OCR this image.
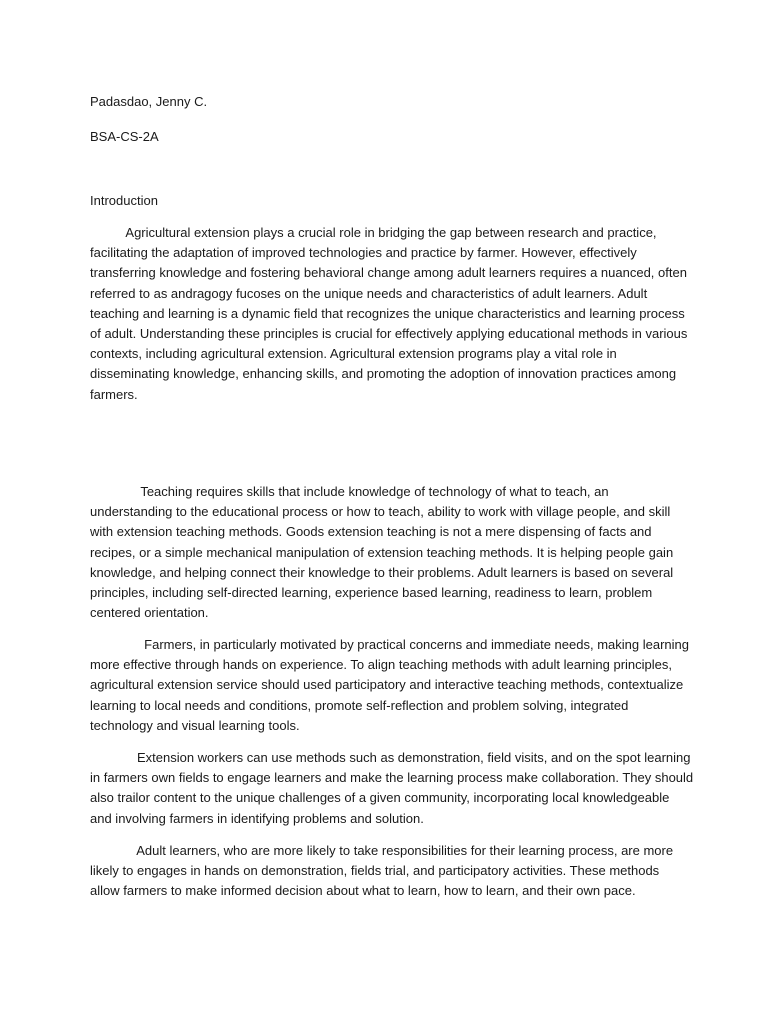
Padasdao, Jenny C.
BSA-CS-2A
Introduction
Agricultural extension plays a crucial role in bridging the gap between research and practice,
facilitating the adaptation of improved technologies and practice by farmer. However, effectively
transferring knowledge and fostering behavioral change among adult learners requires a nuanced, often
referred to as andragogy fucoses on the unique needs and characteristics of adult learners. Adult
teaching and learning is a dynamic field that recognizes the unique characteristics and learning process
of adult. Understanding these principles is crucial for effectively applying educational methods in various
contexts, including agricultural extension. Agricultural extension programs play a vital role in
disseminating knowledge, enhancing skills, and promoting the adoption of innovation practices among
farmers.
Teaching requires skills that include knowledge of technology of what to teach, an
understanding to the educational process or how to teach, ability to work with village people, and skill
with extension teaching methods. Goods extension teaching is not a mere dispensing of facts and
recipes, or a simple mechanical manipulation of extension teaching methods. It is helping people gain
knowledge, and helping connect their knowledge to their problems. Adult learners is based on several
principles, including self-directed learning, experience based learning, readiness to learn, problem
centered orientation.
Farmers, in particularly motivated by practical concerns and immediate needs, making learning
more effective through hands on experience. To align teaching methods with adult learning principles,
agricultural extension service should used participatory and interactive teaching methods, contextualize
learning to local needs and conditions, promote self-reflection and problem solving, integrated
technology and visual learning tools.
Extension workers can use methods such as demonstration, field visits, and on the spot learning
in farmers own fields to engage learners and make the learning process make collaboration. They should
also trailor content to the unique challenges of a given community, incorporating local knowledgeable
and involving farmers in identifying problems and solution.
Adult learners, who are more likely to take responsibilities for their learning process, are more
likely to engages in hands on demonstration, fields trial, and participatory activities. These methods
allow farmers to make informed decision about what to learn, how to learn, and their own pace.
